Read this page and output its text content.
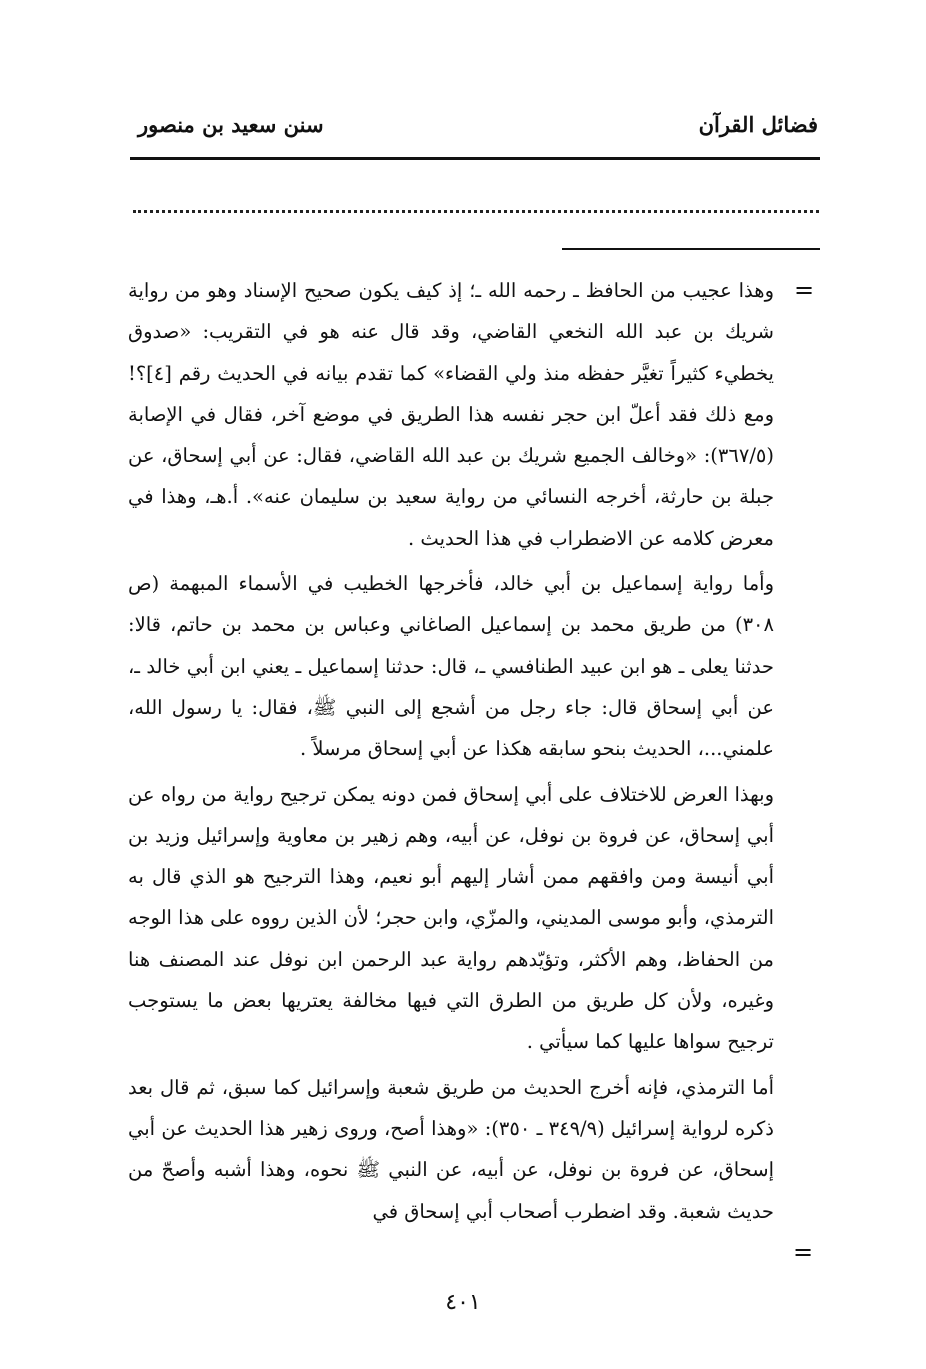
فضائل القرآن
سنن سعيد بن منصور
=

وهذا عجيب من الحافظ ـ رحمه الله ـ؛ إذ كيف يكون صحيح الإسناد وهو من رواية شريك بن عبد الله النخعي القاضي، وقد قال عنه هو في التقريب: «صدوق يخطيء كثيراً تغيَّر حفظه منذ ولي القضاء» كما تقدم بيانه في الحديث رقم [٤]؟! ومع ذلك فقد أعلّ ابن حجر نفسه هذا الطريق في موضع آخر، فقال في الإصابة (٣٦٧/٥): «وخالف الجميع شريك بن عبد الله القاضي، فقال: عن أبي إسحاق، عن جبلة بن حارثة، أخرجه النسائي من رواية سعيد بن سليمان عنه». أ.هـ، وهذا في معرض كلامه عن الاضطراب في هذا الحديث .

وأما رواية إسماعيل بن أبي خالد، فأخرجها الخطيب في الأسماء المبهمة (ص ٣٠٨) من طريق محمد بن إسماعيل الصاغاني وعباس بن محمد بن حاتم، قالا: حدثنا يعلى ـ هو ابن عبيد الطنافسي ـ، قال: حدثنا إسماعيل ـ يعني ابن أبي خالد ـ، عن أبي إسحاق قال: جاء رجل من أشجع إلى النبي ﷺ، فقال: يا رسول الله، علمني...، الحديث بنحو سابقه هكذا عن أبي إسحاق مرسلاً .

وبهذا العرض للاختلاف على أبي إسحاق فمن دونه يمكن ترجيح رواية من رواه عن أبي إسحاق، عن فروة بن نوفل، عن أبيه، وهم زهير بن معاوية وإسرائيل وزيد بن أبي أنيسة ومن وافقهم ممن أشار إليهم أبو نعيم، وهذا الترجيح هو الذي قال به الترمذي، وأبو موسى المديني، والمزّي، وابن حجر؛ لأن الذين رووه على هذا الوجه من الحفاظ، وهم الأكثر، وتؤيّدهم رواية عبد الرحمن ابن نوفل عند المصنف هنا وغيره، ولأن كل طريق من الطرق التي فيها مخالفة يعتريها بعض ما يستوجب ترجيح سواها عليها كما سيأتي .

أما الترمذي، فإنه أخرج الحديث من طريق شعبة وإسرائيل كما سبق، ثم قال بعد ذكره لرواية إسرائيل (٣٤٩/٩ ـ ٣٥٠): «وهذا أصح، وروى زهير هذا الحديث عن أبي إسحاق، عن فروة بن نوفل، عن أبيه، عن النبي ﷺ نحوه، وهذا أشبه وأصحّ من حديث شعبة. وقد اضطرب أصحاب أبي إسحاق في

=
٤٠١
